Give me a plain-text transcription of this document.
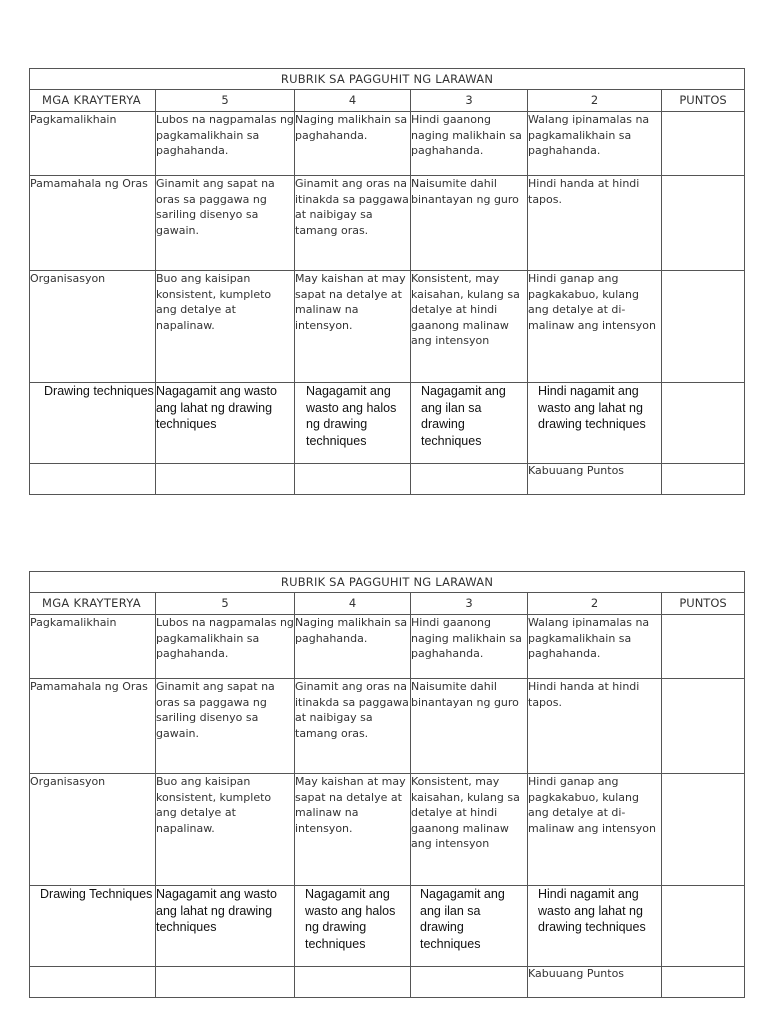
RUBRIK SA PAGGUHIT NG LARAWAN					
MGA KRAYTERYA	5	4	3	2	PUNTOS
Pagkamalikhain	Lubos na nagpamalas ng pagkamalikhain sa paghahanda.	Naging malikhain sa paghahanda.	Hindi gaanong naging malikhain sa paghahanda.	Walang ipinamalas na pagkamalikhain sa paghahanda.	
Pamamahala ng Oras	Ginamit ang sapat na oras sa paggawa ng sariling disenyo sa gawain.	Ginamit ang oras na itinakda sa paggawa at naibigay sa tamang oras.	Naisumite dahil binantayan ng guro	Hindi handa at hindi tapos.	
Organisasyon	Buo ang kaisipan konsistent, kumpleto ang detalye at napalinaw.	May kaishan at may sapat na detalye at malinaw na intensyon.	Konsistent, may kaisahan, kulang sa detalye at hindi gaanong malinaw ang intensyon	Hindi ganap ang pagkakabuo, kulang ang detalye at di-malinaw ang intensyon	
Drawing techniques	Nagagamit ang wasto ang lahat ng drawing techniques	Nagagamit ang wasto ang halos ng drawing techniques	Nagagamit ang ang ilan sa drawing techniques	Hindi nagamit ang wasto ang lahat ng drawing techniques	
				Kabuuang Puntos	
RUBRIK SA PAGGUHIT NG LARAWAN					
MGA KRAYTERYA	5	4	3	2	PUNTOS
Pagkamalikhain	Lubos na nagpamalas ng pagkamalikhain sa paghahanda.	Naging malikhain sa paghahanda.	Hindi gaanong naging malikhain sa paghahanda.	Walang ipinamalas na pagkamalikhain sa paghahanda.	
Pamamahala ng Oras	Ginamit ang sapat na oras sa paggawa ng sariling disenyo sa gawain.	Ginamit ang oras na itinakda sa paggawa at naibigay sa tamang oras.	Naisumite dahil binantayan ng guro	Hindi handa at hindi tapos.	
Organisasyon	Buo ang kaisipan konsistent, kumpleto ang detalye at napalinaw.	May kaishan at may sapat na detalye at malinaw na intensyon.	Konsistent, may kaisahan, kulang sa detalye at hindi gaanong malinaw ang intensyon	Hindi ganap ang pagkakabuo, kulang ang detalye at di-malinaw ang intensyon	
Drawing Techniques	Nagagamit ang wasto ang lahat ng drawing techniques	Nagagamit ang wasto ang halos ng drawing techniques	Nagagamit ang ang ilan sa drawing techniques	Hindi nagamit ang wasto ang lahat ng drawing techniques	
				Kabuuang Puntos	
